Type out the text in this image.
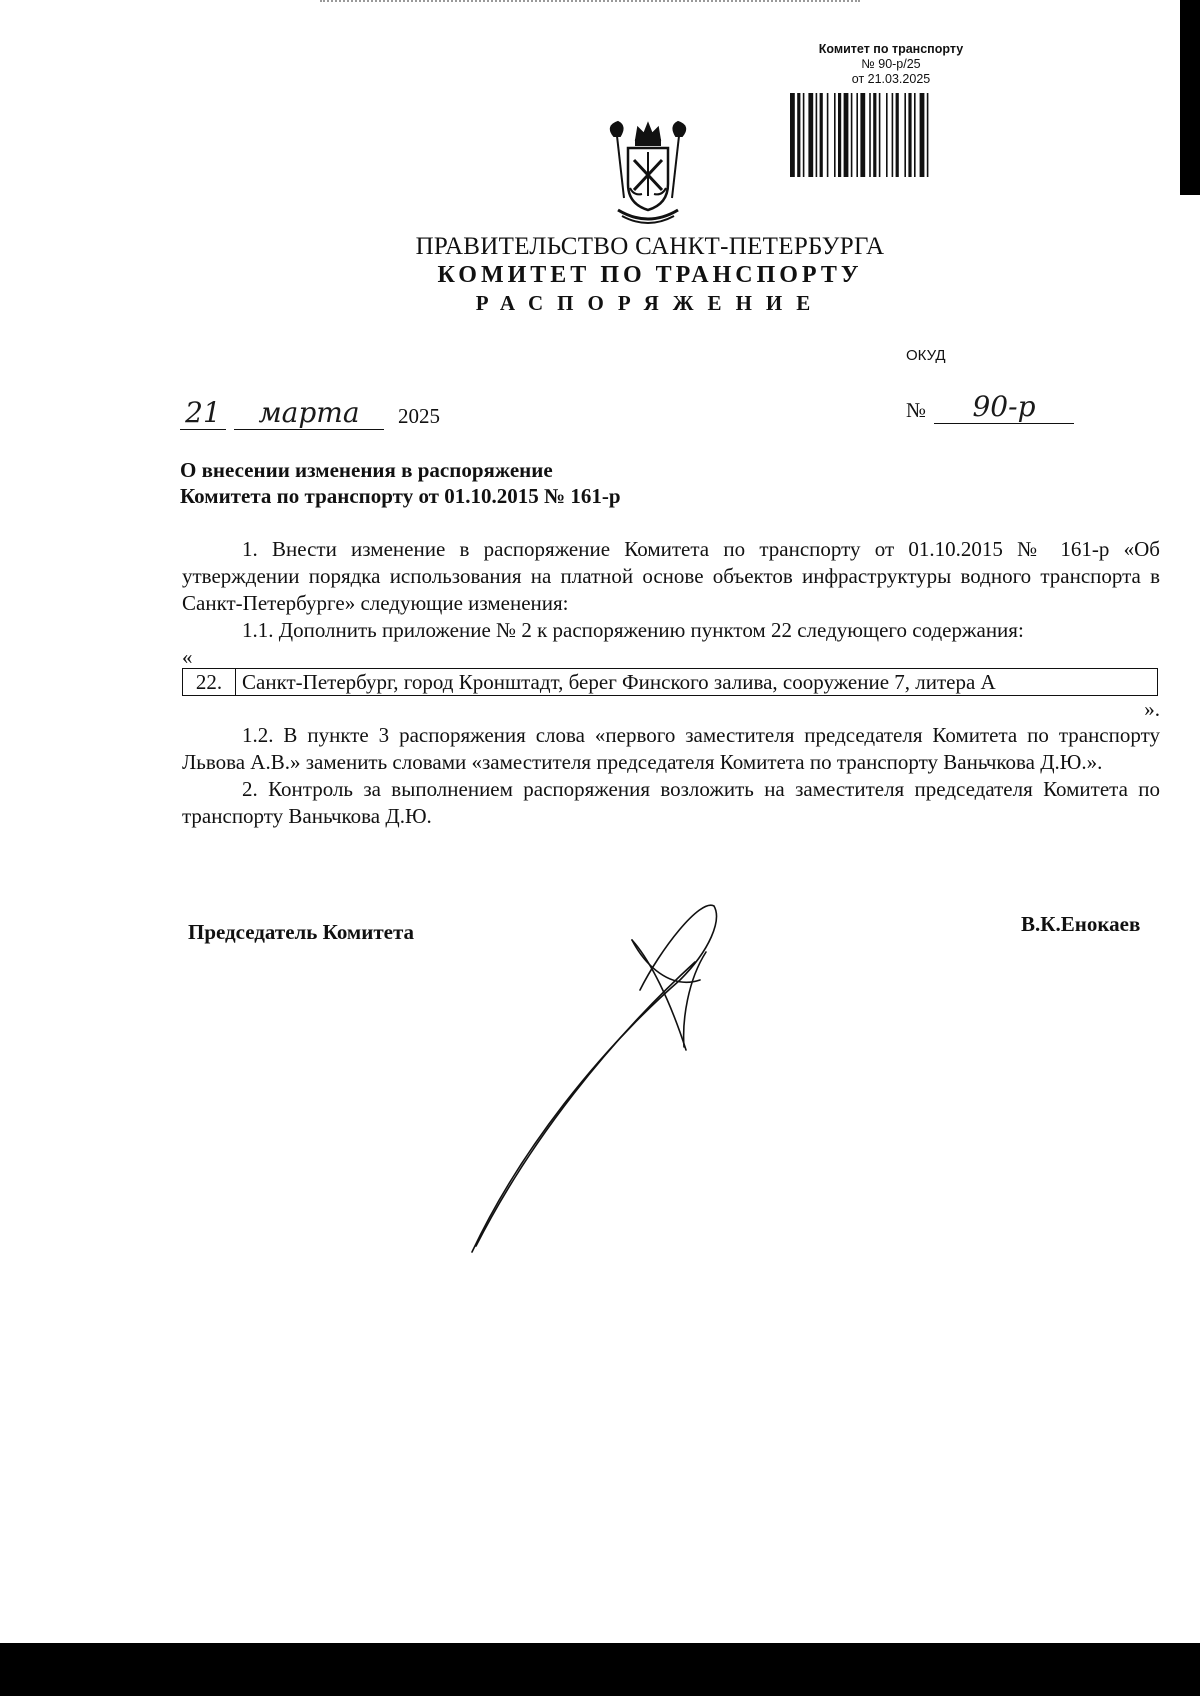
Комитет по транспорту
№ 90-р/25
от 21.03.2025
ПРАВИТЕЛЬСТВО САНКТ-ПЕТЕРБУРГА
КОМИТЕТ ПО ТРАНСПОРТУ
РАСПОРЯЖЕНИЕ
ОКУД
21	марта	2025	№	90-р
О внесении изменения в распоряжение
Комитета по транспорту от 01.10.2015 № 161-р

1. Внести изменение в распоряжение Комитета по транспорту от 01.10.2015 № 161-р «Об утверждении порядка использования на платной основе объектов инфраструктуры водного транспорта в Санкт-Петербурге» следующие изменения:

1.1. Дополнить приложение № 2 к распоряжению пунктом 22 следующего содержания:

«
22.	Санкт-Петербург, город Кронштадт, берег Финского залива, сооружение 7, литера А
».

1.2. В пункте 3 распоряжения слова «первого заместителя председателя Комитета по транспорту Львова А.В.» заменить словами «заместителя председателя Комитета по транспорту Ваньчкова Д.Ю.».

2. Контроль за выполнением распоряжения возложить на заместителя председателя Комитета по транспорту Ваньчкова Д.Ю.

Председатель Комитета	В.К.Енокаев
